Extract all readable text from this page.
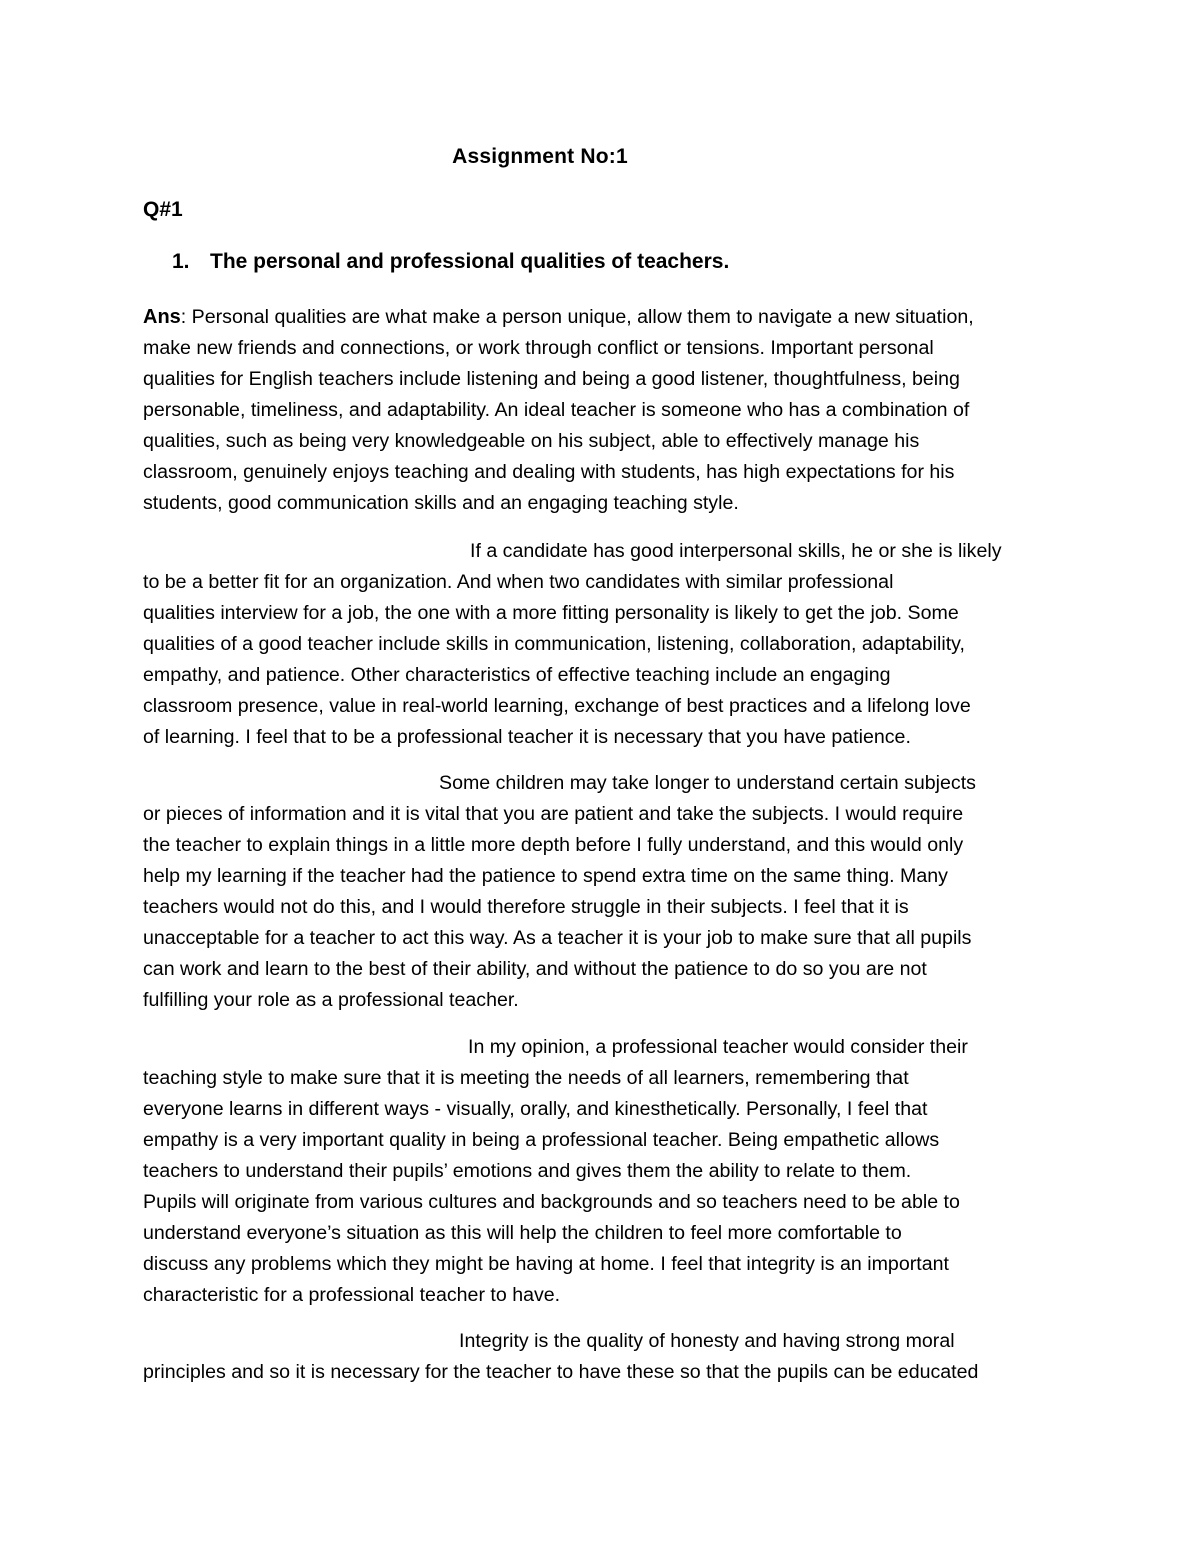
Assignment No:1
Q#1
1. The personal and professional qualities of teachers.
Ans: Personal qualities are what make a person unique, allow them to navigate a new situation,
make new friends and connections, or work through conflict or tensions. Important personal
qualities for English teachers include listening and being a good listener, thoughtfulness, being
personable, timeliness, and adaptability. An ideal teacher is someone who has a combination of
qualities, such as being very knowledgeable on his subject, able to effectively manage his
classroom, genuinely enjoys teaching and dealing with students, has high expectations for his
students, good communication skills and an engaging teaching style.
If a candidate has good interpersonal skills, he or she is likely
to be a better fit for an organization. And when two candidates with similar professional
qualities interview for a job, the one with a more fitting personality is likely to get the job. Some
qualities of a good teacher include skills in communication, listening, collaboration, adaptability,
empathy, and patience. Other characteristics of effective teaching include an engaging
classroom presence, value in real-world learning, exchange of best practices and a lifelong love
of learning. I feel that to be a professional teacher it is necessary that you have patience.
Some children may take longer to understand certain subjects
or pieces of information and it is vital that you are patient and take the subjects. I would require
the teacher to explain things in a little more depth before I fully understand, and this would only
help my learning if the teacher had the patience to spend extra time on the same thing. Many
teachers would not do this, and I would therefore struggle in their subjects. I feel that it is
unacceptable for a teacher to act this way. As a teacher it is your job to make sure that all pupils
can work and learn to the best of their ability, and without the patience to do so you are not
fulfilling your role as a professional teacher.
In my opinion, a professional teacher would consider their
teaching style to make sure that it is meeting the needs of all learners, remembering that
everyone learns in different ways - visually, orally, and kinesthetically. Personally, I feel that
empathy is a very important quality in being a professional teacher. Being empathetic allows
teachers to understand their pupils’ emotions and gives them the ability to relate to them.
Pupils will originate from various cultures and backgrounds and so teachers need to be able to
understand everyone’s situation as this will help the children to feel more comfortable to
discuss any problems which they might be having at home. I feel that integrity is an important
characteristic for a professional teacher to have.
Integrity is the quality of honesty and having strong moral
principles and so it is necessary for the teacher to have these so that the pupils can be educated
